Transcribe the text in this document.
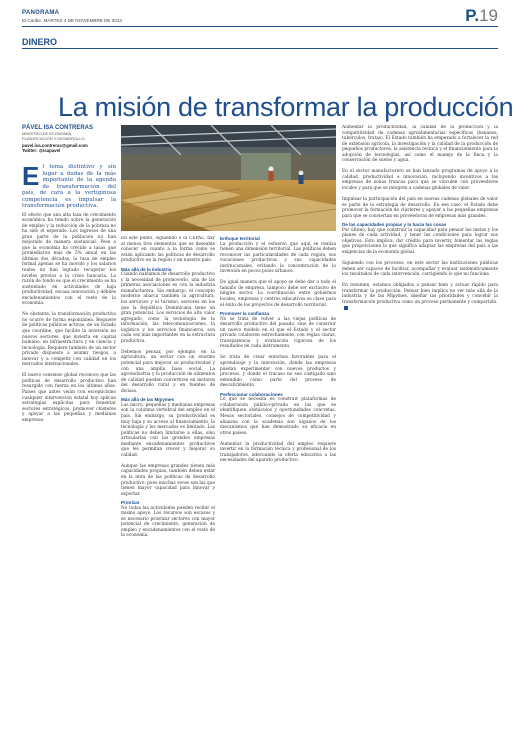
PANORAMA
El Caribe, MARTES 4 DE NOVIEMBRE DE 2014	P.19
DINERO
La misión de transformar la producción
PÁVEL ISA CONTRERAS
MINISTRO DE ECONOMÍA,
PLANIFICACIÓN Y DESARROLLO
pavel.isa.contreras@gmail.com
Twitter: @isapavel
E l tema distintivo y sin lugar a dudas de la más importante de la agenda de transformación del país, de cara a la vertiginosa competencia es impulsar la transformación productiva.
El efecto que una alta tasa de crecimiento económico ha tenido sobre la generación de empleo y la reducción de la pobreza no ha sido el esperado. Los ingresos de una gran parte de la población no han mejorado de manera sustancial. Pese a que la economía ha crecido a tasas que promediaron más de 5% anual en las últimas dos décadas, la tasa de empleo formal apenas se ha movido y los salarios reales no han logrado recuperar los niveles previos a la crisis bancaria. La razón de fondo es que el crecimiento se ha sustentado en actividades de baja productividad, escasa innovación y débiles encadenamientos con el resto de la economía.

No obstante, la transformación productiva no ocurre de forma espontánea. Requiere de políticas públicas activas, de un Estado que coordine, que facilite la inversión en nuevos sectores, que invierta en capital humano, en infraestructura y en ciencia y tecnología. Requiere también de un sector privado dispuesto a asumir riesgos, a innovar y a competir con calidad en los mercados internacionales.

El nuevo consenso global reconoce que las políticas de desarrollo productivo han resurgido con fuerza en los últimos años. Países que antes veían con escepticismo cualquier intervención estatal hoy aplican estrategias explícitas para fomentar sectores estratégicos, promover clústeres y apoyar a las pequeñas y medianas empresas.
En este punto, siguiendo a la CEPAL, hay al menos tres elementos que es deseable conocer en cuanto a la forma como se están aplicando las políticas de desarrollo productivo en la región y en nuestro país.
Más allá de la industria
Cuando hablamos de desarrollo productivo y la necesidad de promoverlo, una de las primeras asociaciones es con la industria manufacturera. Sin embargo, el concepto moderno abarca también la agricultura, los servicios y el turismo, sectores en los que la República Dominicana tiene un gran potencial. Los servicios de alto valor agregado, como la tecnología de la información, las telecomunicaciones, la logística y los servicios financieros, son cada vez más importantes en la estructura productiva.

Debemos pensar, por ejemplo, en la agricultura, un sector con un enorme potencial para mejorar su productividad y con una amplia base social. La agroindustria y la producción de alimentos de calidad pueden convertirse en motores del desarrollo rural y en fuentes de divisas.
Más allá de las Mipymes
Las micro, pequeñas y medianas empresas son la columna vertebral del empleo en el país. Sin embargo, su productividad es muy baja y su acceso al financiamiento, la tecnología y los mercados es limitado. Las políticas no deben limitarse a ellas, sino articularlas con las grandes empresas mediante encadenamientos productivos que les permitan crecer y mejorar su calidad.

Aunque las empresas grandes tienen más capacidades propias, también deben estar en la mira de las políticas de desarrollo productivo, pues muchas veces son las que tienen mayor capacidad para innovar y exportar.
Priorizar
No todas las actividades pueden recibir el mismo apoyo. Los recursos son escasos y es necesario priorizar sectores con mayor potencial de crecimiento, generación de empleo y encadenamientos con el resto de la economía.
Enfoque territorial
La producción y el esfuerzo que aquí se realiza tienen una dimensión territorial. Las políticas deben reconocer las particularidades de cada región, sus vocaciones productivas y sus capacidades institucionales, evitando la concentración de la inversión en pocos polos urbanos.

De igual manera que el apoyo se debe dar a todo el tamaño de empresa, tampoco debe ser exclusivo de ningún sector. La coordinación entre gobiernos locales, empresas y centros educativos es clave para el éxito de los proyectos de desarrollo territorial.
Promover la confianza
No se trata de volver a las viejas políticas de desarrollo productivo del pasado, sino de construir un nuevo modelo en el que el Estado y el sector privado colaboren estrechamente, con reglas claras, transparencia y evaluación rigurosa de los resultados de cada instrumento.

Se trata de crear entornos favorables para el aprendizaje y la innovación, donde las empresas puedan experimentar con nuevos productos y procesos, y donde el fracaso no sea castigado sino entendido como parte del proceso de descubrimiento.
Perfeccionar colaboraciones
Lo que se necesita es construir plataformas de colaboración público-privada en las que se identifiquen obstáculos y oportunidades concretas. Mesas sectoriales, consejos de competitividad y alianzas con la academia son algunos de los mecanismos que han demostrado su eficacia en otros países.

Aumentar la productividad del empleo requiere invertir en la formación técnica y profesional de los trabajadores, adecuando la oferta educativa a las necesidades del aparato productivo.
Aumentar la productividad, la calidad de la producción y la competitividad de cadenas agroalimentarias específicas (bananos, tubérculos, frutas). El Estado también ha empezado a fortalecer la red de extensión agrícola, la investigación y la calidad de la producción de pequeños productores, la asistencia técnica y el financiamiento para la adopción de tecnologías, así como el manejo de la finca y la conservación de suelos y agua.

En el sector manufacturero se han lanzado programas de apoyo a la calidad, productividad e innovación, incluyendo incentivos a las empresas de zonas francas para que se vinculen con proveedores locales y para que se integren a cadenas globales de valor.

Impulsar la participación del país en nuevas cadenas globales de valor es parte de la estrategia de desarrollo. En ese caso, el Estado debe promover la formación de clústeres y apoyar a las pequeñas empresas para que se conviertan en proveedoras de empresas más grandes.
De las capacidades propias y la hacia las cosas
Por último, hay que construir la capacidad para pensar las metas y los planes de cada actividad, y tener las condiciones para lograr sus objetivos. Esto implica: dar crédito para invertir, fomentar las reglas que proporcionen lo que significa adaptar las empresas del país a las exigencias de la economía global.

Siguiendo con los procesos, en este sector las instituciones públicas deben ser capaces de facilitar, acompañar y evaluar sistemáticamente los resultados de cada intervención, corrigiendo lo que no funcione.

En resumen, estamos obligados a pensar bien y actuar rápido para transformar la producción. Pensar bien implica no ver más allá de la industria y de las Mipymes, diseñar las prioridades y concebir la transformación productiva como un proceso permanente y compartido.
